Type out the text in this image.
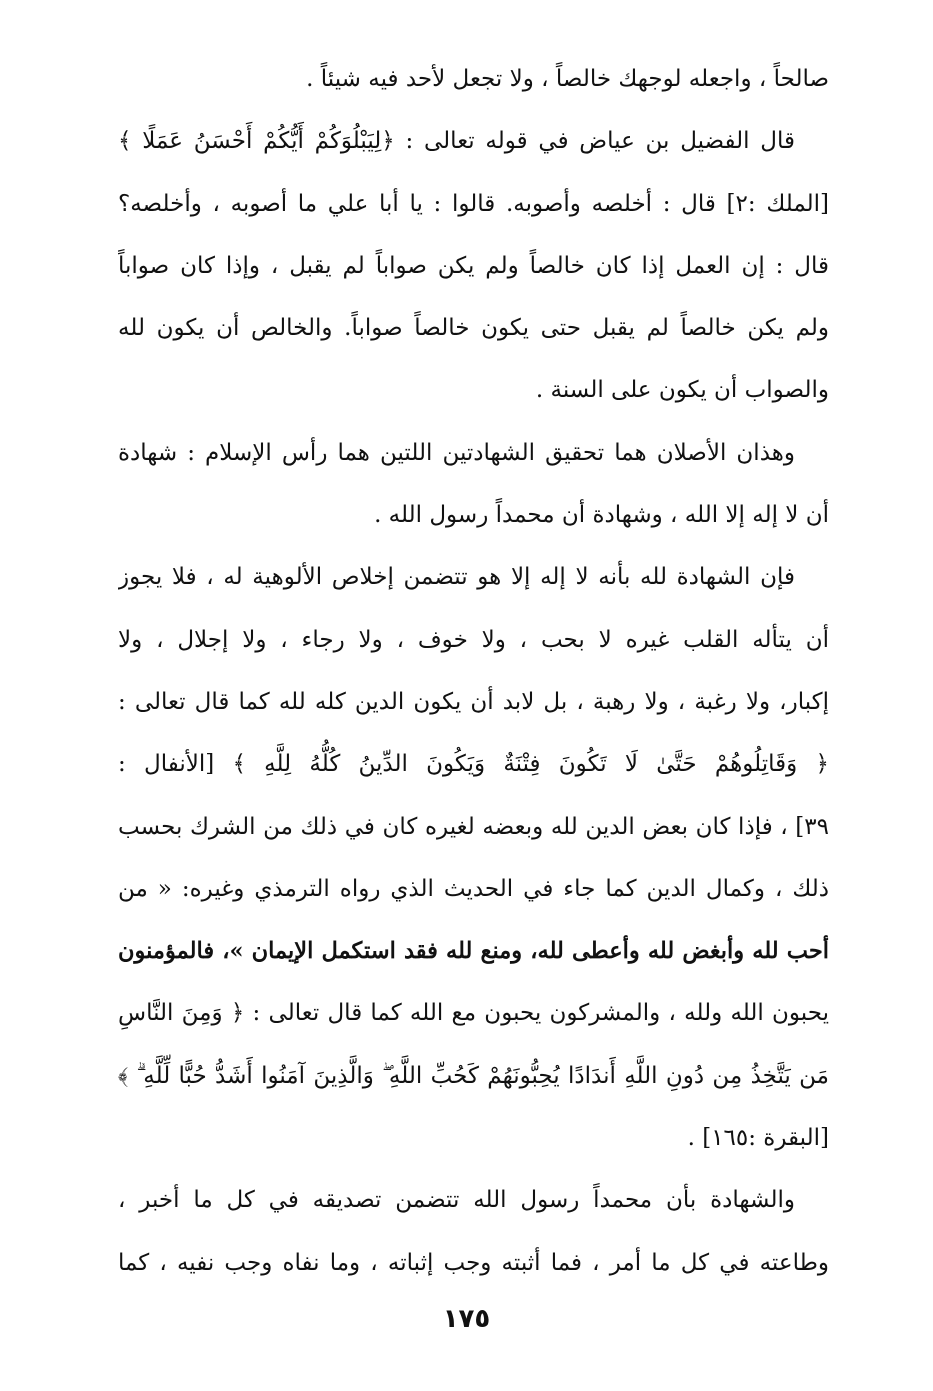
صالحاً ، واجعله لوجهك خالصاً ، ولا تجعل لأحد فيه شيئاً .
قال الفضيل بن عياض في قوله تعالى : ﴿لِيَبْلُوَكُمْ أَيُّكُمْ أَحْسَنُ عَمَلًا ﴾
[الملك :٢] قال : أخلصه وأصوبه. قالوا : يا أبا علي ما أصوبه ، وأخلصه؟
قال : إن العمل إذا كان خالصاً ولم يكن صواباً لم يقبل ، وإذا كان صواباً
ولم يكن خالصاً لم يقبل حتى يكون خالصاً صواباً. والخالص أن يكون لله
والصواب أن يكون على السنة .
وهذان الأصلان هما تحقيق الشهادتين اللتين هما رأس الإسلام : شهادة
أن لا إله إلا الله ، وشهادة أن محمداً رسول الله .
فإن الشهادة لله بأنه لا إله إلا هو تتضمن إخلاص الألوهية له ، فلا يجوز
أن يتأله القلب غيره لا بحب ، ولا خوف ، ولا رجاء ، ولا إجلال ، ولا
إكبار، ولا رغبة ، ولا رهبة ، بل لابد أن يكون الدين كله لله كما قال تعالى :
﴿ وَقَاتِلُوهُمْ حَتَّىٰ لَا تَكُونَ فِتْنَةٌ وَيَكُونَ الدِّينُ كُلُّهُ لِلَّهِ ﴾ [الأنفال :
٣٩] ، فإذا كان بعض الدين لله وبعضه لغيره كان في ذلك من الشرك بحسب
ذلك ، وكمال الدين كما جاء في الحديث الذي رواه الترمذي وغيره: « من
أحب لله وأبغض لله وأعطى لله، ومنع لله فقد استكمل الإيمان »، فالمؤمنون
يحبون الله ولله ، والمشركون يحبون مع الله كما قال تعالى : ﴿ وَمِنَ النَّاسِ
مَن يَتَّخِذُ مِن دُونِ اللَّهِ أَندَادًا يُحِبُّونَهُمْ كَحُبِّ اللَّهِ ۖ وَالَّذِينَ آمَنُوا أَشَدُّ حُبًّا لِّلَّهِ ۗ ﴾
[البقرة :١٦٥] .
والشهادة بأن محمداً رسول الله تتضمن تصديقه في كل ما أخبر ،
وطاعته في كل ما أمر ، فما أثبته وجب إثباته ، وما نفاه وجب نفيه ، كما
١٧٥
